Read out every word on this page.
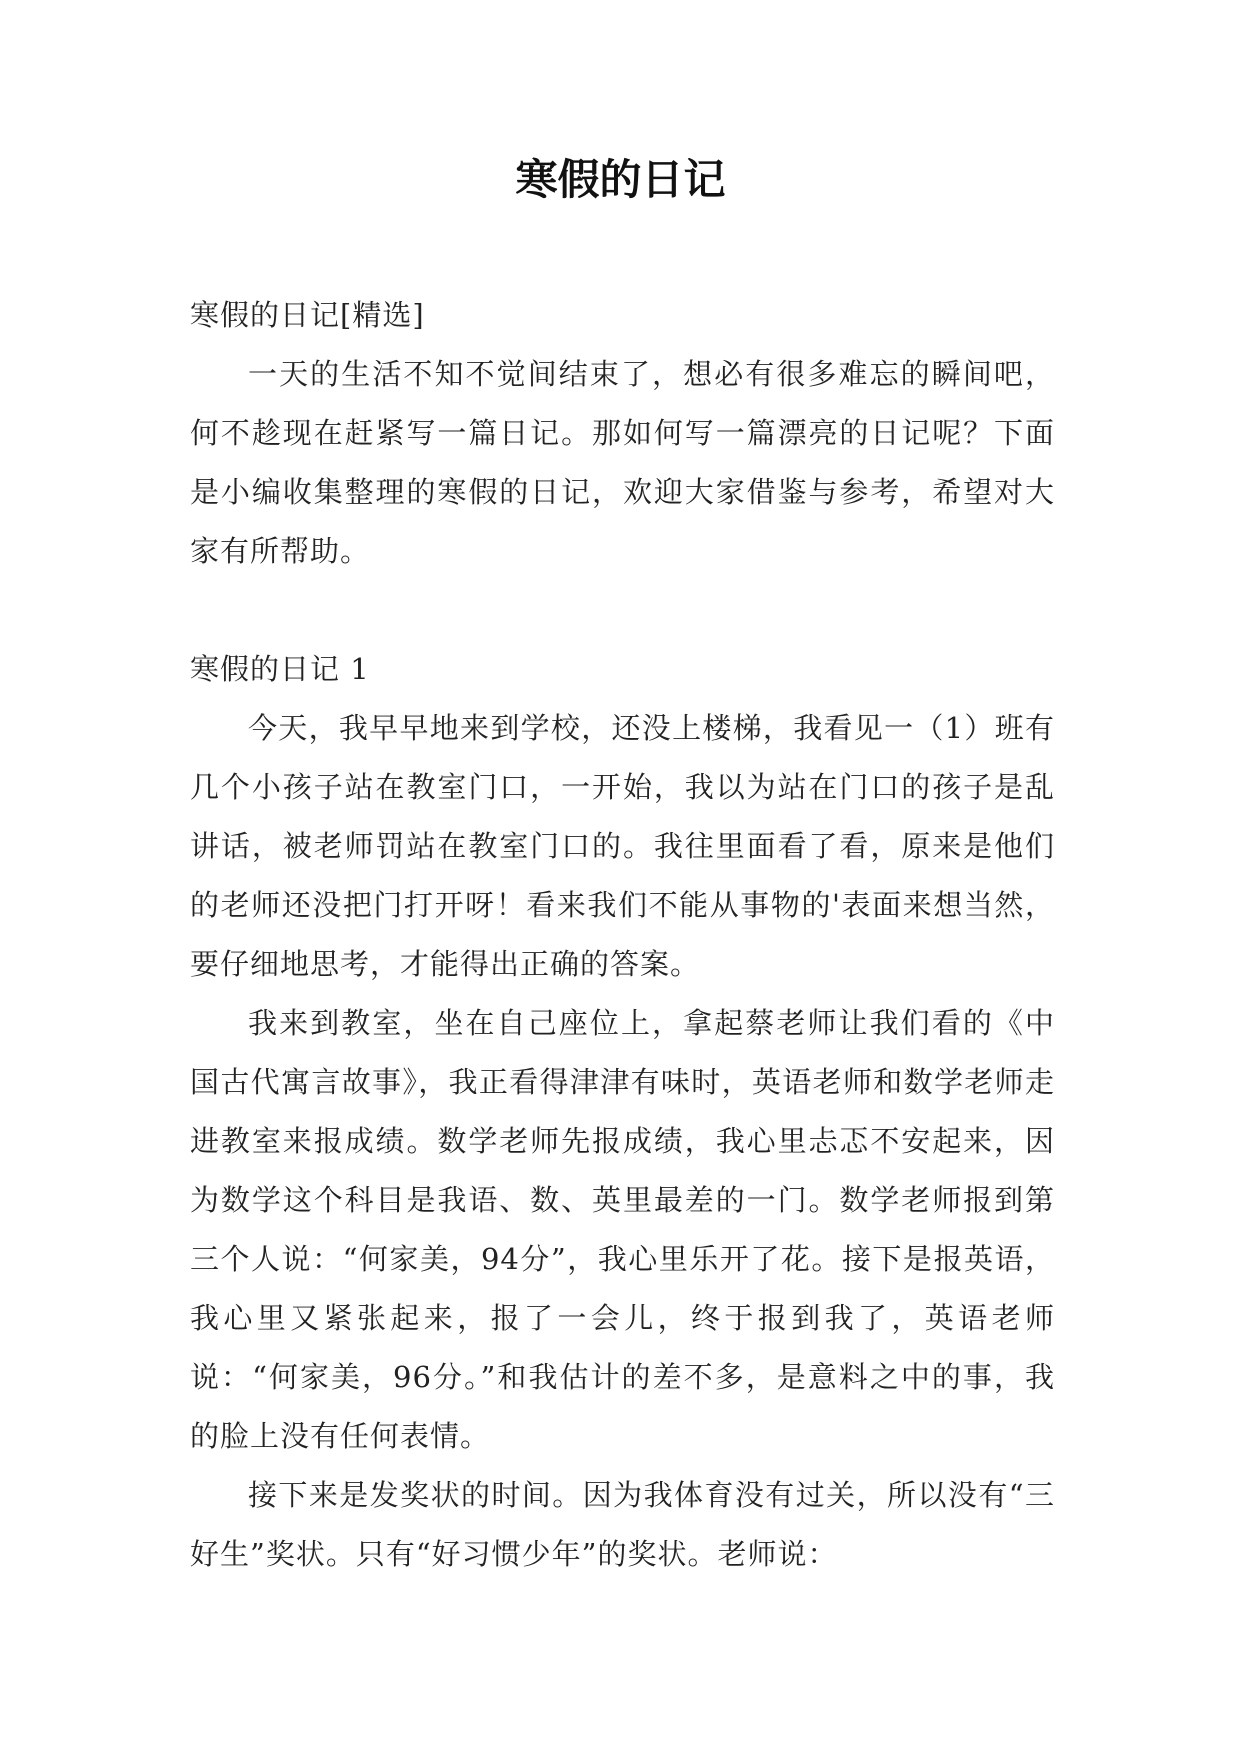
寒假的日记

寒假的日记[精选]

一天的生活不知不觉间结束了，想必有很多难忘的瞬间吧，何不趁现在赶紧写一篇日记。那如何写一篇漂亮的日记呢？下面是小编收集整理的寒假的日记，欢迎大家借鉴与参考，希望对大家有所帮助。

寒假的日记 1

今天，我早早地来到学校，还没上楼梯，我看见一（1）班有几个小孩子站在教室门口，一开始，我以为站在门口的孩子是乱讲话，被老师罚站在教室门口的。我往里面看了看，原来是他们的老师还没把门打开呀！看来我们不能从事物的'表面来想当然，要仔细地思考，才能得出正确的答案。

我来到教室，坐在自己座位上，拿起蔡老师让我们看的《中国古代寓言故事》，我正看得津津有味时，英语老师和数学老师走进教室来报成绩。数学老师先报成绩，我心里忐忑不安起来，因为数学这个科目是我语、数、英里最差的一门。数学老师报到第三个人说：“何家美，94分”，我心里乐开了花。接下是报英语，我心里又紧张起来，报了一会儿，终于报到我了，英语老师说：“何家美，96分。”和我估计的差不多，是意料之中的事，我的脸上没有任何表情。

接下来是发奖状的时间。因为我体育没有过关，所以没有“三好生”奖状。只有“好习惯少年”的奖状。老师说：
